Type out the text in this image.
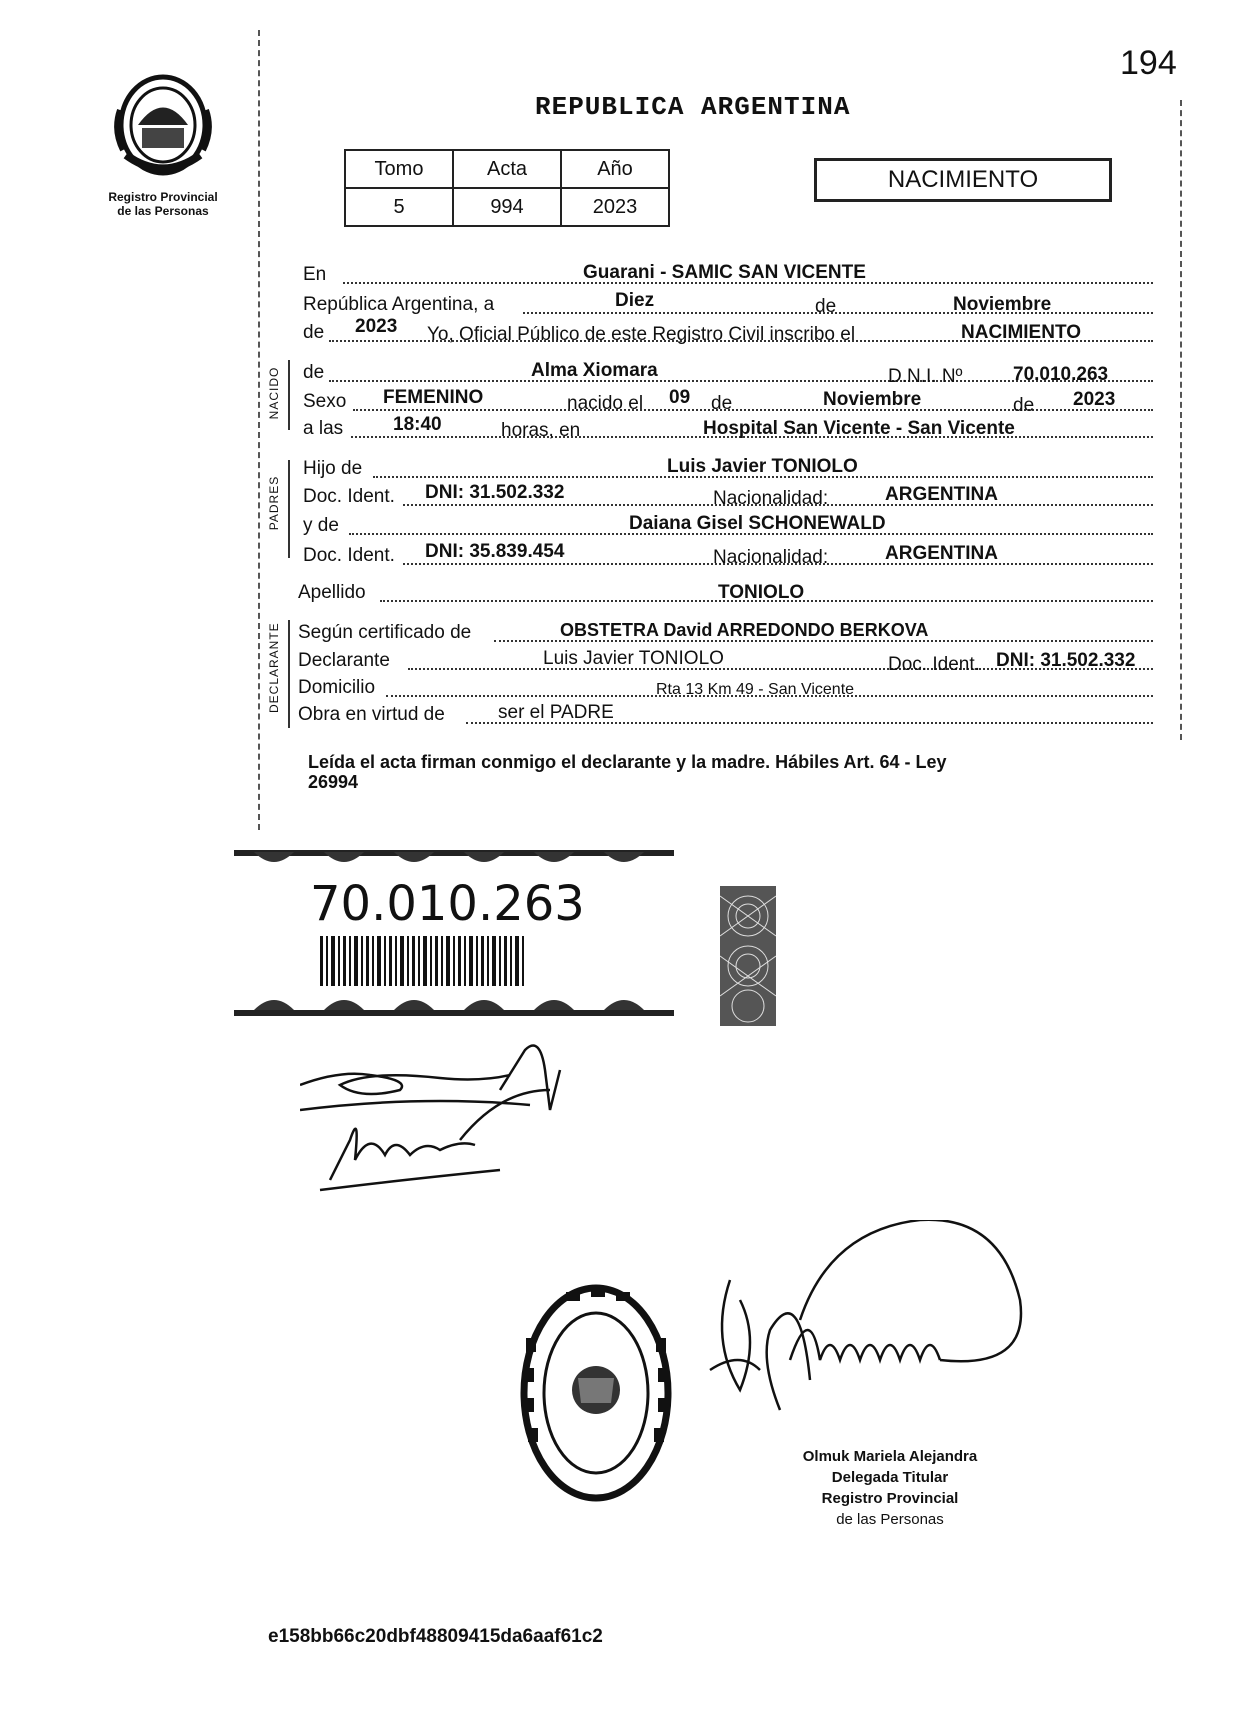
194
Registro Provincial
de las Personas
REPUBLICA ARGENTINA
Tomo	Acta	Año
5	994	2023
NACIMIENTO
NACIDO
PADRES
DECLARANTE
En	Guarani - SAMIC SAN VICENTE
República Argentina, a	Diez	de	Noviembre
de 2023 Yo, Oficial Público de este Registro Civil inscribo el	NACIMIENTO
de	Alma Xiomara	D.N.I. Nº	70.010.263
Sexo FEMENINO	nacido el 09 de	Noviembre	de 2023
a las	18:40	horas, en	Hospital San Vicente - San Vicente
Hijo de	Luis Javier TONIOLO
Doc. Ident. DNI: 31.502.332	Nacionalidad:	ARGENTINA
y de	Daiana Gisel SCHONEWALD
Doc. Ident. DNI: 35.839.454	Nacionalidad:	ARGENTINA
Apellido	TONIOLO
Según certificado de	OBSTETRA David ARREDONDO BERKOVA
Declarante	Luis Javier TONIOLO	Doc. Ident. DNI: 31.502.332
Domicilio	Rta 13 Km 49 - San Vicente
Obra en virtud de	ser el PADRE
Leída el acta firman conmigo el declarante y la madre. Hábiles Art. 64 - Ley
26994
70.010.263
Olmuk Mariela Alejandra
Delegada Titular
Registro Provincial
de las Personas
e158bb66c20dbf48809415da6aaf61c2
